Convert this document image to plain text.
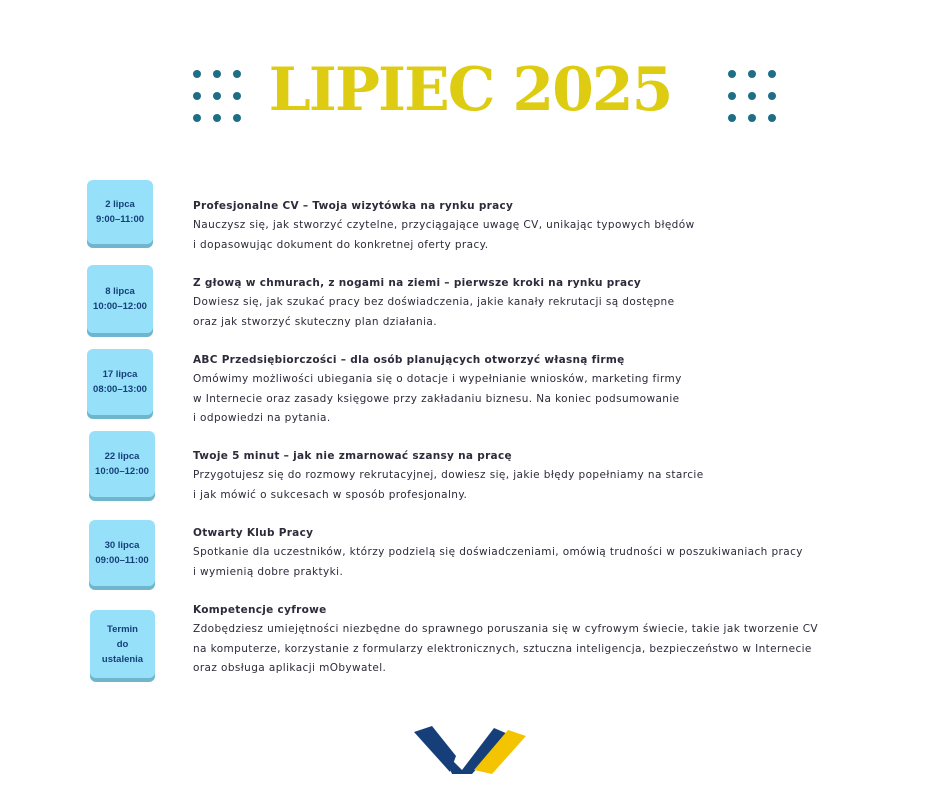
LIPIEC 2025
2 lipca
9:00–11:00
Profesjonalne CV – Twoja wizytówka na rynku pracy
Nauczysz się, jak stworzyć czytelne, przyciągające uwagę CV, unikając typowych błędów
i dopasowując dokument do konkretnej oferty pracy.
8 lipca
10:00–12:00
Z głową w chmurach, z nogami na ziemi – pierwsze kroki na rynku pracy
Dowiesz się, jak szukać pracy bez doświadczenia, jakie kanały rekrutacji są dostępne
oraz jak stworzyć skuteczny plan działania.
17 lipca
08:00–13:00
ABC Przedsiębiorczości – dla osób planujących otworzyć własną firmę
Omówimy możliwości ubiegania się o dotacje i wypełnianie wniosków, marketing firmy
w Internecie oraz zasady księgowe przy zakładaniu biznesu. Na koniec podsumowanie
i odpowiedzi na pytania.
22 lipca
10:00–12:00
Twoje 5 minut – jak nie zmarnować szansy na pracę
Przygotujesz się do rozmowy rekrutacyjnej, dowiesz się, jakie błędy popełniamy na starcie
i jak mówić o sukcesach w sposób profesjonalny.
30 lipca
09:00–11:00
Otwarty Klub Pracy
Spotkanie dla uczestników, którzy podzielą się doświadczeniami, omówią trudności w poszukiwaniach pracy
i wymienią dobre praktyki.
Termin
do
ustalenia
Kompetencje cyfrowe
Zdobędziesz umiejętności niezbędne do sprawnego poruszania się w cyfrowym świecie, takie jak tworzenie CV
na komputerze, korzystanie z formularzy elektronicznych, sztuczna inteligencja, bezpieczeństwo w Internecie
oraz obsługa aplikacji mObywatel.
